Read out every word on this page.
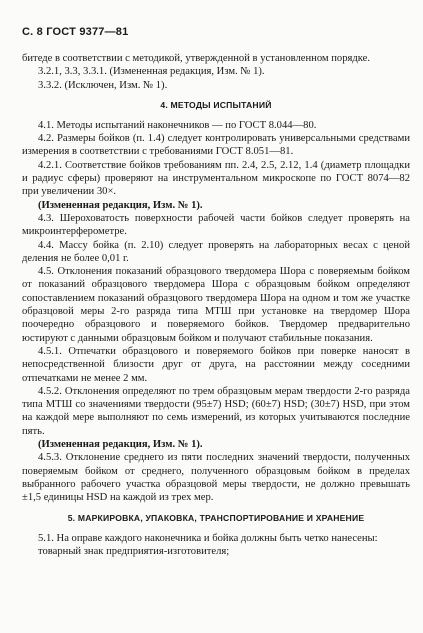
С. 8 ГОСТ 9377—81

битеде в соответствии с методикой, утвержденной в установленном порядке.

3.2.1, 3.3, 3.3.1. (Измененная редакция, Изм. № 1).

3.3.2. (Исключен, Изм. № 1).

4. МЕТОДЫ ИСПЫТАНИЙ

4.1. Методы испытаний наконечников — по ГОСТ 8.044—80.

4.2. Размеры бойков (п. 1.4) следует контролировать универсальными средствами измерения в соответствии с требованиями ГОСТ 8.051—81.

4.2.1. Соответствие бойков требованиям пп. 2.4, 2.5, 2.12, 1.4 (диаметр площадки и радиус сферы) проверяют на инструментальном микроскопе по ГОСТ 8074—82 при увеличении 30×.

(Измененная редакция, Изм. № 1).

4.3. Шероховатость поверхности рабочей части бойков следует проверять на микроинтерферометре.

4.4. Массу бойка (п. 2.10) следует проверять на лабораторных весах с ценой деления не более 0,01 г.

4.5. Отклонения показаний образцового твердомера Шора с поверяемым бойком от показаний образцового твердомера Шора с образцовым бойком определяют сопоставлением показаний образцового твердомера Шора на одном и том же участке образцовой меры 2-го разряда типа МТШ при установке на твердомер Шора поочередно образцового и поверяемого бойков. Твердомер предварительно юстируют с данными образцовым бойком и получают стабильные показания.

4.5.1. Отпечатки образцового и поверяемого бойков при поверке наносят в непосредственной близости друг от друга, на расстоянии между соседними отпечатками не менее 2 мм.

4.5.2. Отклонения определяют по трем образцовым мерам твердости 2-го разряда типа МТШ со значениями твердости (95±7) HSD; (60±7) HSD; (30±7) HSD, при этом на каждой мере выполняют по семь измерений, из которых учитываются последние пять.

(Измененная редакция, Изм. № 1).

4.5.3. Отклонение среднего из пяти последних значений твердости, полученных поверяемым бойком от среднего, полученного образцовым бойком в пределах выбранного рабочего участка образцовой меры твердости, не должно превышать ±1,5 единицы HSD на каждой из трех мер.

5. МАРКИРОВКА, УПАКОВКА, ТРАНСПОРТИРОВАНИЕ И ХРАНЕНИЕ

5.1. На оправе каждого наконечника и бойка должны быть четко нанесены:

товарный знак предприятия-изготовителя;
